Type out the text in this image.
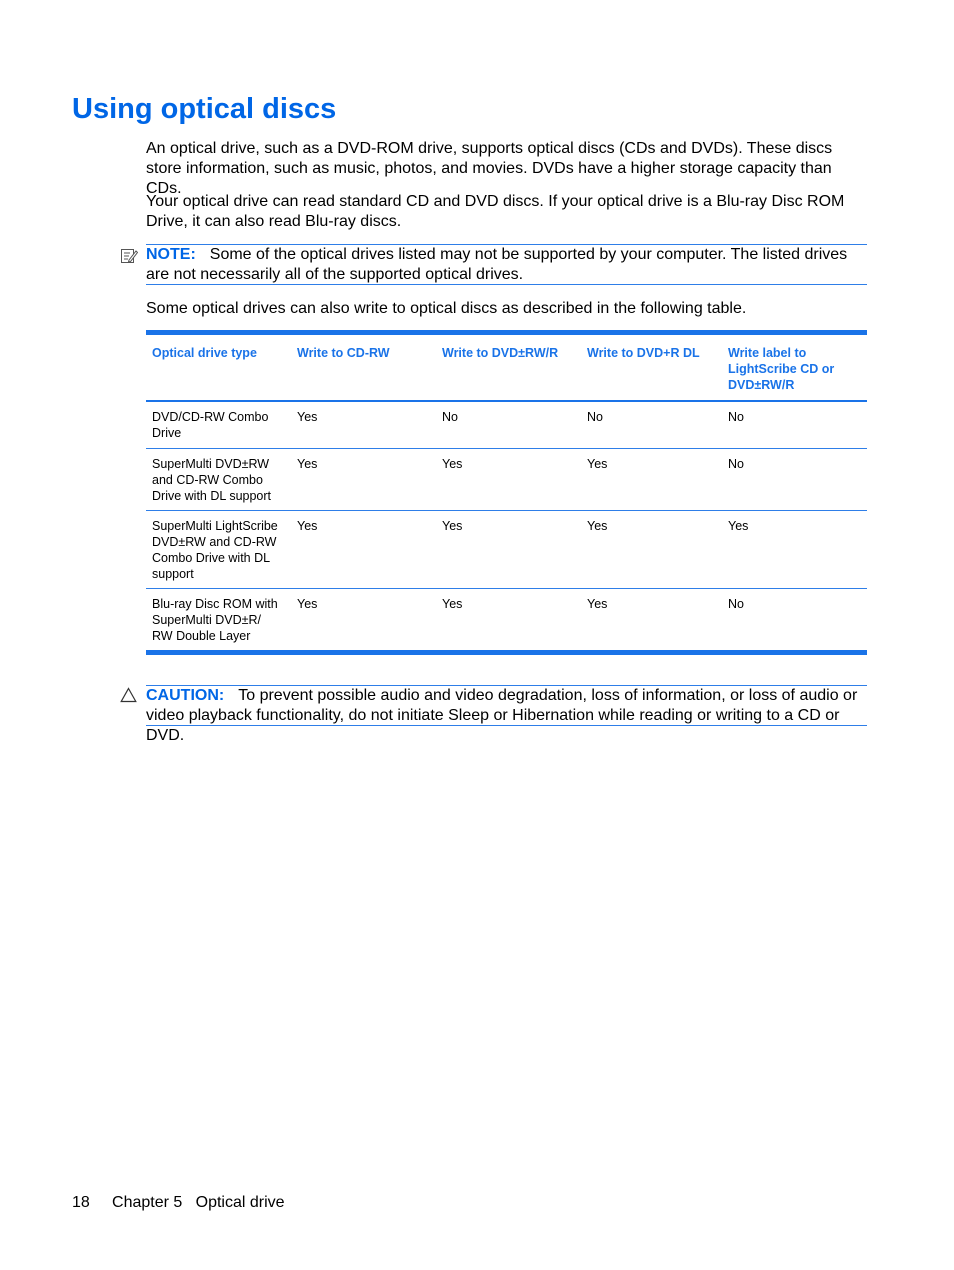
Using optical discs

An optical drive, such as a DVD-ROM drive, supports optical discs (CDs and DVDs). These discs store information, such as music, photos, and movies. DVDs have a higher storage capacity than CDs.

Your optical drive can read standard CD and DVD discs. If your optical drive is a Blu-ray Disc ROM Drive, it can also read Blu-ray discs.

NOTE: Some of the optical drives listed may not be supported by your computer. The listed drives are not necessarily all of the supported optical drives.

Some optical drives can also write to optical discs as described in the following table.

Optical drive type	Write to CD-RW	Write to DVD±RW/R	Write to DVD+R DL	Write label to LightScribe CD or DVD±RW/R
DVD/CD-RW Combo Drive	Yes	No	No	No
SuperMulti DVD±RW and CD-RW Combo Drive with DL support	Yes	Yes	Yes	No
SuperMulti LightScribe DVD±RW and CD-RW Combo Drive with DL support	Yes	Yes	Yes	Yes
Blu-ray Disc ROM with SuperMulti DVD±R/ RW Double Layer	Yes	Yes	Yes	No
CAUTION: To prevent possible audio and video degradation, loss of information, or loss of audio or video playback functionality, do not initiate Sleep or Hibernation while reading or writing to a CD or DVD.
18 Chapter 5 Optical drive
